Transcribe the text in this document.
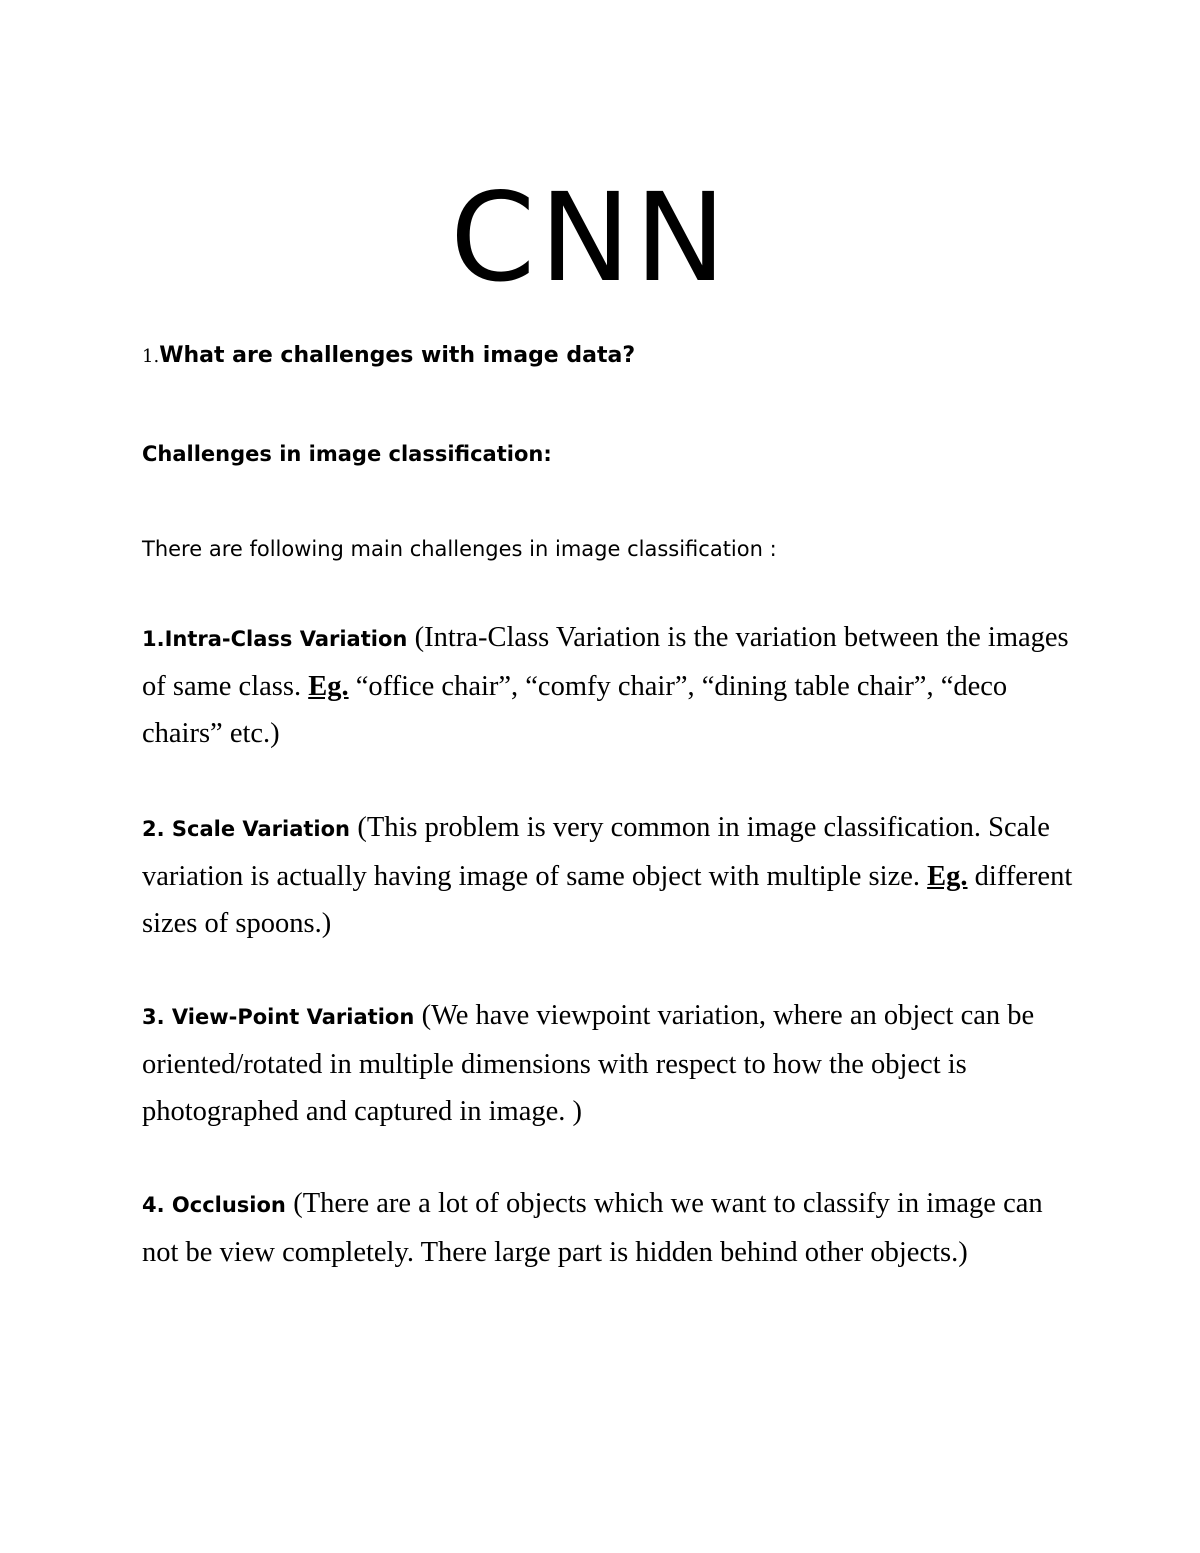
CNN

1.What are challenges with image data?

Challenges in image classification:

There are following main challenges in image classification :

1.Intra-Class Variation (Intra-Class Variation is the variation between the images of same class. Eg. “office chair”, “comfy chair”, “dining table chair”, “deco chairs” etc.)

2. Scale Variation (This problem is very common in image classification. Scale variation is actually having image of same object with multiple size. Eg. different sizes of spoons.)

3. View-Point Variation (We have viewpoint variation, where an object can be oriented/rotated in multiple dimensions with respect to how the object is photographed and captured in image. )

4. Occlusion (There are a lot of objects which we want to classify in image can not be view completely. There large part is hidden behind other objects.)
